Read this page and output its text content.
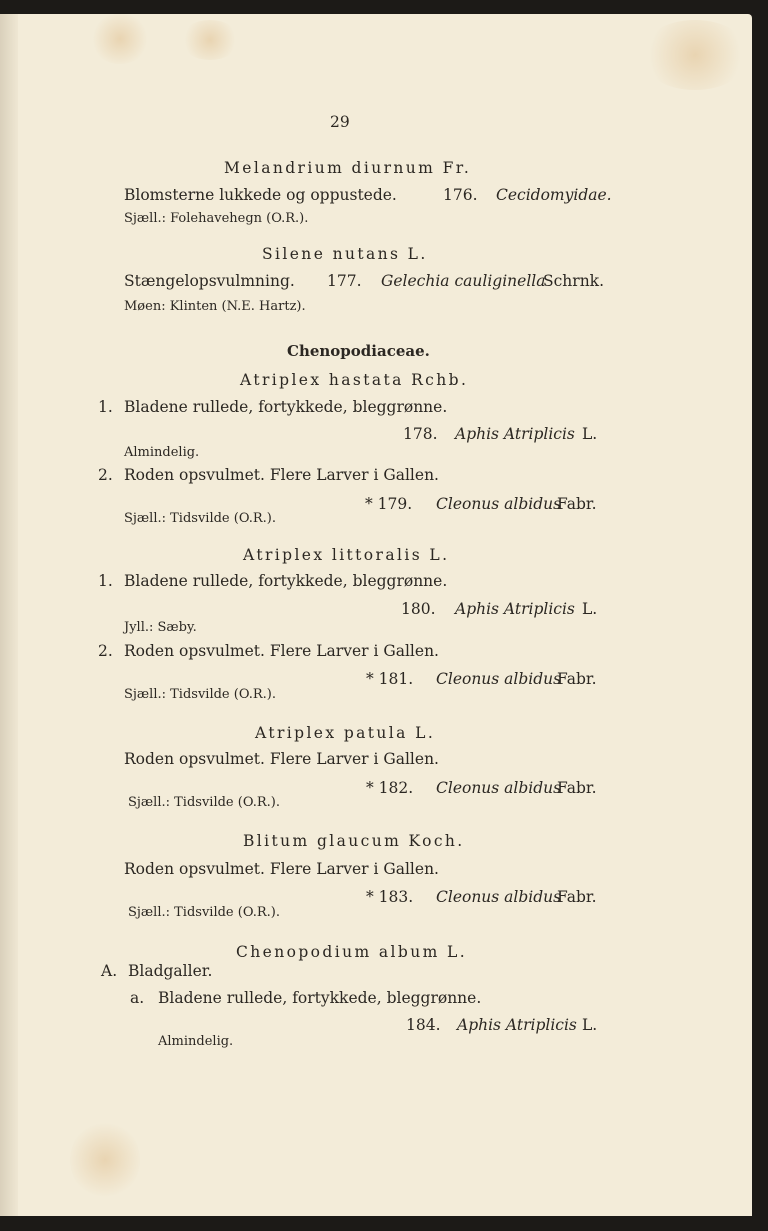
29
Melandrium diurnum Fr.
Blomsterne lukkede og oppustede.	176. Cecidomyidae.
Sjæll.: Folehavehegn (O.R.).
Silene nutans L.
Stængelopsvulmning. 177. Gelechia cauliginella
Schrnk.
Møen: Klinten (N.E. Hartz).
Chenopodiaceae.
Atriplex hastata Rchb.
1. Bladene rullede, fortykkede, bleggrønne.
178. Aphis Atriplicis L.
Almindelig.
2. Roden opsvulmet. Flere Larver i Gallen.
* 179. Cleonus albidus
Fabr.
Sjæll.: Tidsvilde (O.R.).
Atriplex littoralis L.
1. Bladene rullede, fortykkede, bleggrønne.
180. Aphis Atriplicis L.
Jyll.: Sæby.
2. Roden opsvulmet. Flere Larver i Gallen.
* 181. Cleonus albidus
Fabr.
Sjæll.: Tidsvilde (O.R.).
Atriplex patula L.
Roden opsvulmet. Flere Larver i Gallen.
* 182. Cleonus albidus
Fabr.
Sjæll.: Tidsvilde (O.R.).
Blitum glaucum Koch.
Roden opsvulmet. Flere Larver i Gallen.
* 183. Cleonus albidus
Fabr.
Sjæll.: Tidsvilde (O.R.).
Chenopodium album L.
A. Bladgaller.
a. Bladene rullede, fortykkede, bleggrønne.
184. Aphis Atriplicis L.
Almindelig.
